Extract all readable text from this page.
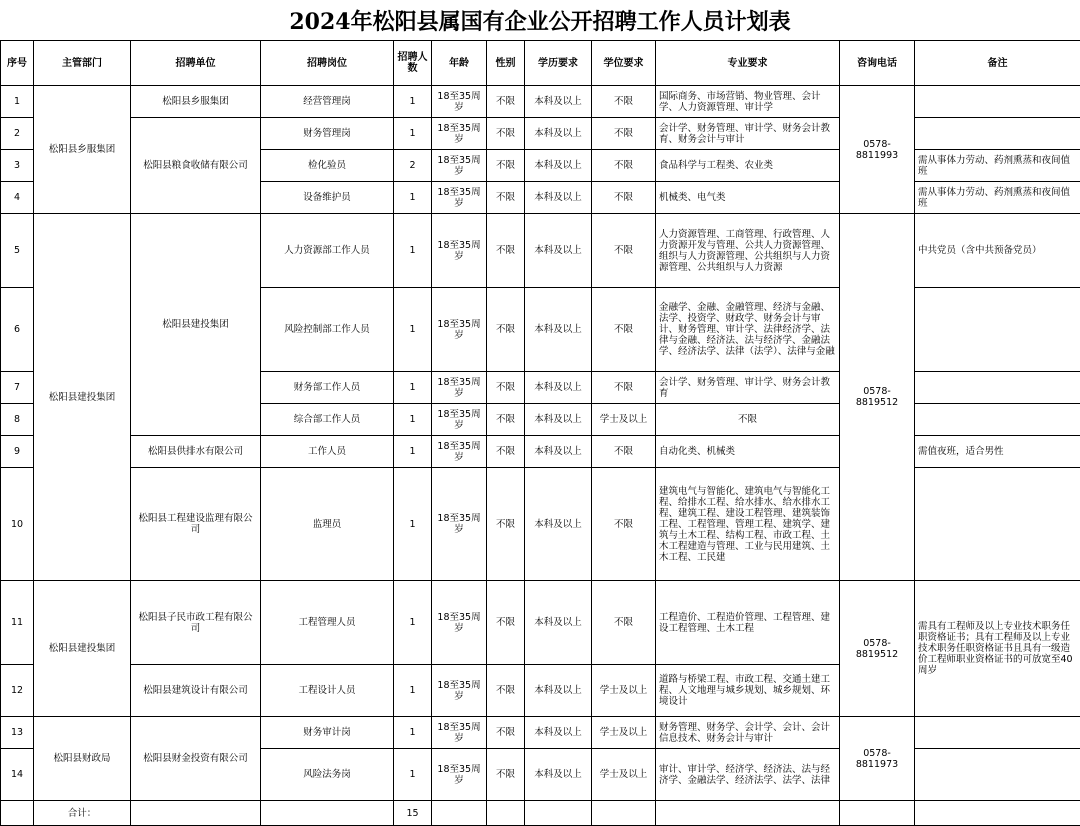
2024年松阳县属国有企业公开招聘工作人员计划表
序号	主管部门	招聘单位	招聘岗位	招聘人数	年龄	性别	学历要求	学位要求	专业要求	咨询电话	备注
1	松阳县乡服集团	松阳县乡服集团	经营管理岗	1	18至35周岁	不限	本科及以上	不限	国际商务、市场营销、物业管理、会计学、人力资源管理、审计学	0578-8811993	
2		松阳县粮食收储有限公司	财务管理岗	1	18至35周岁	不限	本科及以上	不限	会计学、财务管理、审计学、财务会计教育、财务会计与审计		
3			检化验员	2	18至35周岁	不限	本科及以上	不限	食品科学与工程类、农业类		需从事体力劳动、药剂熏蒸和夜间值班
4			设备维护员	1	18至35周岁	不限	本科及以上	不限	机械类、电气类		需从事体力劳动、药剂熏蒸和夜间值班
5	松阳县建投集团	松阳县建投集团	人力资源部工作人员	1	18至35周岁	不限	本科及以上	不限	人力资源管理、工商管理、行政管理、人力资源开发与管理、公共人力资源管理、组织与人力资源管理、公共组织与人力资源管理、公共组织与人力资源	0578-8819512	中共党员（含中共预备党员）
6			风险控制部工作人员	1	18至35周岁	不限	本科及以上	不限	金融学、金融、金融管理、经济与金融、法学、投资学、财政学、财务会计与审计、财务管理、审计学、法律经济学、法律与金融、经济法、法与经济学、金融法学、经济法学、法律（法学）、法律与金融		
7			财务部工作人员	1	18至35周岁	不限	本科及以上	不限	会计学、财务管理、审计学、财务会计教育		
8			综合部工作人员	1	18至35周岁	不限	本科及以上	学士及以上	不限		
9		松阳县供排水有限公司	工作人员	1	18至35周岁	不限	本科及以上	不限	自动化类、机械类		需值夜班，适合男性
10		松阳县工程建设监理有限公司	监理员	1	18至35周岁	不限	本科及以上	不限	建筑电气与智能化、建筑电气与智能化工程、给排水工程、给水排水、给水排水工程、建筑工程、建设工程管理、建筑装饰工程、工程管理、管理工程、建筑学、建筑与土木工程、结构工程、市政工程、土木工程建造与管理、工业与民用建筑、土木工程、工民建		
11	松阳县建投集团	松阳县子民市政工程有限公司	工程管理人员	1	18至35周岁	不限	本科及以上	不限	工程造价、工程造价管理、工程管理、建设工程管理、土木工程	0578-8819512	需具有工程师及以上专业技术职务任职资格证书；具有工程师及以上专业技术职务任职资格证书且具有一级造价工程师职业资格证书的可放宽至40周岁
12		松阳县建筑设计有限公司	工程设计人员	1	18至35周岁	不限	本科及以上	学士及以上	道路与桥梁工程、市政工程、交通土建工程、人文地理与城乡规划、城乡规划、环境设计		
13	松阳县财政局	松阳县财金投资有限公司	财务审计岗	1	18至35周岁	不限	本科及以上	学士及以上	财务管理、财务学、会计学、会计、会计信息技术、财务会计与审计	0578-8811973	
14			风险法务岗	1	18至35周岁	不限	本科及以上	学士及以上	审计、审计学、经济学、经济法、法与经济学、金融法学、经济法学、法学、法律		
	合计：			15							
